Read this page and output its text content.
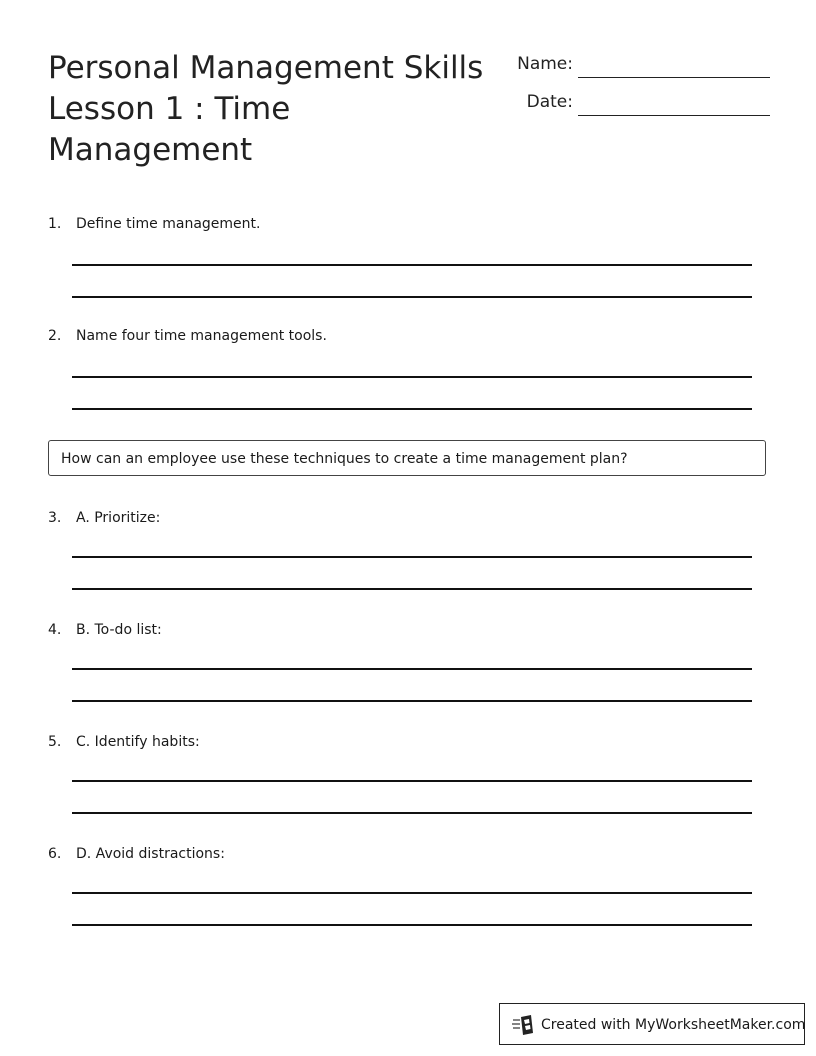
Personal Management Skills
Lesson 1 : Time
Management
Name:
Date:
1. Define time management.
2. Name four time management tools.
How can an employee use these techniques to create a time management plan?
3. A. Prioritize:
4. B. To-do list:
5. C. Identify habits:
6. D. Avoid distractions:
Created with MyWorksheetMaker.com
